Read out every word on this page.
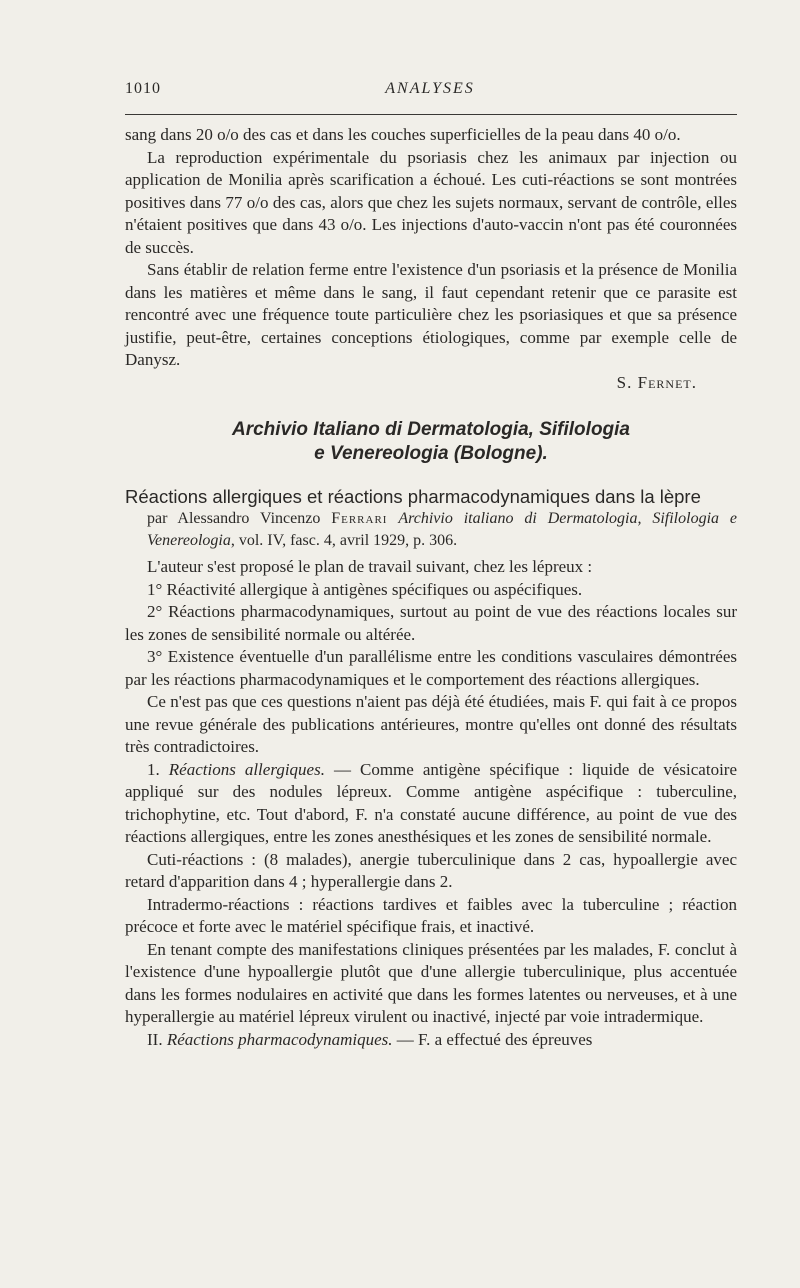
1010	ANALYSES

sang dans 20 o/o des cas et dans les couches superficielles de la peau dans 40 o/o.

La reproduction expérimentale du psoriasis chez les animaux par injection ou application de Monilia après scarification a échoué. Les cuti-réactions se sont montrées positives dans 77 o/o des cas, alors que chez les sujets normaux, servant de contrôle, elles n'étaient positives que dans 43 o/o. Les injections d'auto-vaccin n'ont pas été couronnées de succès.

Sans établir de relation ferme entre l'existence d'un psoriasis et la présence de Monilia dans les matières et même dans le sang, il faut cependant retenir que ce parasite est rencontré avec une fréquence toute particulière chez les psoriasiques et que sa présence justifie, peut-être, certaines conceptions étiologiques, comme par exemple celle de Danysz.

S. Fernet.
Archivio Italiano di Dermatologia, Sifilologia
e Venereologia (Bologne).
Réactions allergiques et réactions pharmacodynamiques dans la lèpre
par Alessandro Vincenzo Ferrari Archivio italiano di Dermatologia, Sifilologia e Venereologia, vol. IV, fasc. 4, avril 1929, p. 306.

L'auteur s'est proposé le plan de travail suivant, chez les lépreux :

1° Réactivité allergique à antigènes spécifiques ou aspécifiques.

2° Réactions pharmacodynamiques, surtout au point de vue des réactions locales sur les zones de sensibilité normale ou altérée.

3° Existence éventuelle d'un parallélisme entre les conditions vasculaires démontrées par les réactions pharmacodynamiques et le comportement des réactions allergiques.

Ce n'est pas que ces questions n'aient pas déjà été étudiées, mais F. qui fait à ce propos une revue générale des publications antérieures, montre qu'elles ont donné des résultats très contradictoires.

1. Réactions allergiques. — Comme antigène spécifique : liquide de vésicatoire appliqué sur des nodules lépreux. Comme antigène aspécifique : tuberculine, trichophytine, etc. Tout d'abord, F. n'a constaté aucune différence, au point de vue des réactions allergiques, entre les zones anesthésiques et les zones de sensibilité normale.

Cuti-réactions : (8 malades), anergie tuberculinique dans 2 cas, hypoallergie avec retard d'apparition dans 4 ; hyperallergie dans 2.

Intradermo-réactions : réactions tardives et faibles avec la tuberculine ; réaction précoce et forte avec le matériel spécifique frais, et inactivé.

En tenant compte des manifestations cliniques présentées par les malades, F. conclut à l'existence d'une hypoallergie plutôt que d'une allergie tuberculinique, plus accentuée dans les formes nodulaires en activité que dans les formes latentes ou nerveuses, et à une hyperallergie au matériel lépreux virulent ou inactivé, injecté par voie intradermique.

II. Réactions pharmacodynamiques. — F. a effectué des épreuves
